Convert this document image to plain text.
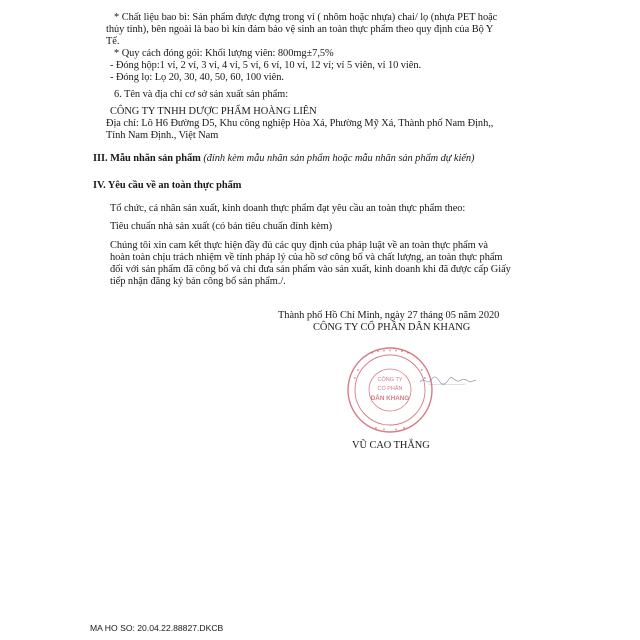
* Chất liệu bao bì: Sản phẩm được đựng trong vỉ ( nhôm hoặc nhựa) chai/ lọ (nhựa PET hoặc
thủy tinh), bên ngoài là bao bì kín đảm bảo vệ sinh an toàn thực phẩm theo quy định của Bộ Y
Tế.
* Quy cách đóng gói: Khối lượng viên: 800mg±7,5%
- Đóng hộp:1 vỉ, 2 vỉ, 3 vỉ, 4 vỉ, 5 vỉ, 6 vỉ, 10 vỉ, 12 vỉ; vỉ 5 viên, vỉ 10 viên.
- Đóng lọ: Lọ 20, 30, 40, 50, 60, 100 viên.
6. Tên và địa chỉ cơ sở sản xuất sản phẩm:
CÔNG TY TNHH DƯỢC PHẨM HOÀNG LIÊN
Địa chỉ: Lô H6 Đường D5, Khu công nghiệp Hòa Xá, Phường Mỹ Xá, Thành phố Nam Định,,
Tỉnh Nam Định., Việt Nam
III. Mẫu nhãn sản phẩm (đính kèm mẫu nhãn sản phẩm hoặc mẫu nhãn sản phẩm dự kiến)
IV. Yêu cầu về an toàn thực phẩm
Tổ chức, cá nhân sản xuất, kinh doanh thực phẩm đạt yêu cầu an toàn thực phẩm theo:
Tiêu chuẩn nhà sản xuất (có bản tiêu chuẩn đính kèm)
Chúng tôi xin cam kết thực hiện đầy đủ các quy định của pháp luật về an toàn thực phẩm và
hoàn toàn chịu trách nhiệm về tính pháp lý của hồ sơ công bố và chất lượng, an toàn thực phẩm
đối với sản phẩm đã công bố và chỉ đưa sản phẩm vào sản xuất, kinh doanh khi đã được cấp Giấy
tiếp nhận đăng ký bản công bố sản phẩm./.
Thành phố Hồ Chí Minh, ngày 27 tháng 05 năm 2020
CÔNG TY CỔ PHẦN DÂN KHANG
CÔNG TY
CỔ PHẦN
DÂN KHANG
VŨ CAO THẮNG
MA HO SO: 20.04.22.88827.DKCB
